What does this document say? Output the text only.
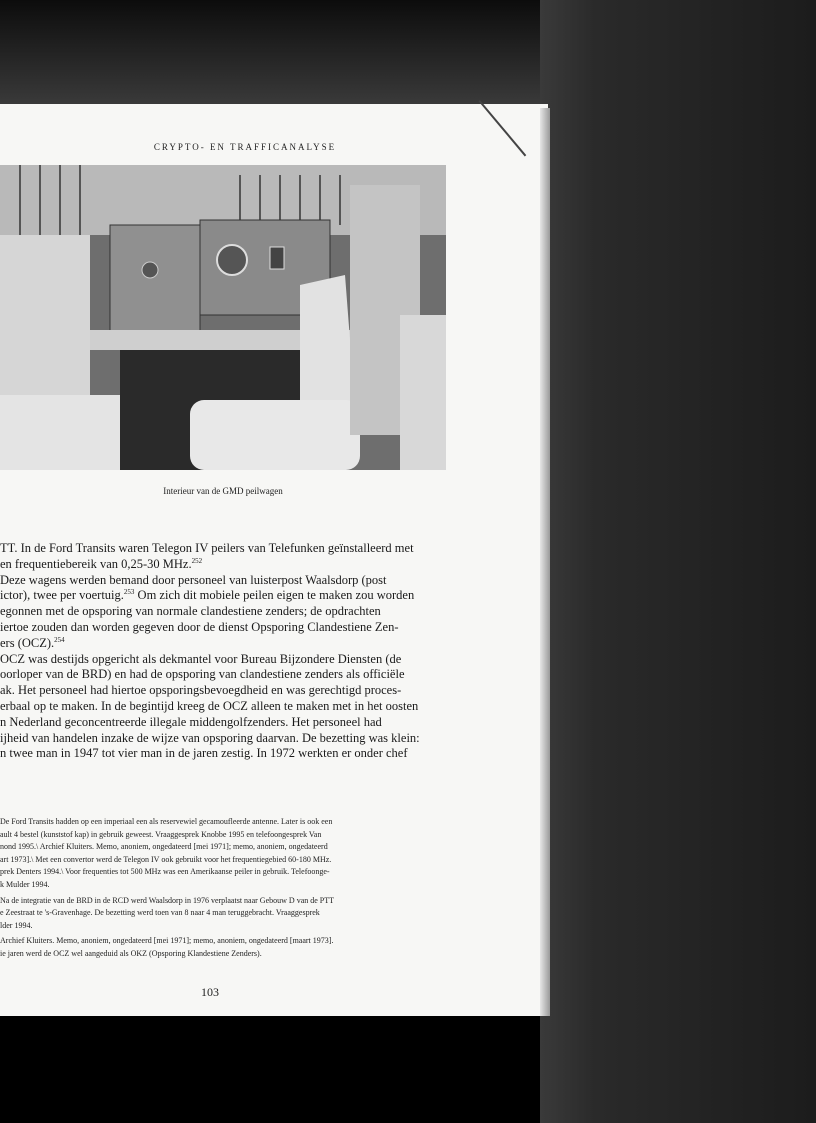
CRYPTO- EN TRAFFICANALYSE
Interieur van de GMD peilwagen

TT. In de Ford Transits waren Telegon IV peilers van Telefunken geïnstalleerd met

en frequentiebereik van 0,25-30 MHz.$^{252}$

Deze wagens werden bemand door personeel van luisterpost Waalsdorp (post

ictor), twee per voertuig.$^{253}$ Om zich dit mobiele peilen eigen te maken zou worden

egonnen met de opsporing van normale clandestiene zenders; de opdrachten

iertoe zouden dan worden gegeven door de dienst Opsporing Clandestiene Zen-

ers (OCZ).$^{254}$

OCZ was destijds opgericht als dekmantel voor Bureau Bijzondere Diensten (de

oorloper van de BRD) en had de opsporing van clandestiene zenders als officiële

ak. Het personeel had hiertoe opsporingsbevoegdheid en was gerechtigd proces-

erbaal op te maken. In de begintijd kreeg de OCZ alleen te maken met in het oosten

n Nederland geconcentreerde illegale middengolfzenders. Het personeel had

ijheid van handelen inzake de wijze van opsporing daarvan. De bezetting was klein:

n twee man in 1947 tot vier man in de jaren zestig. In 1972 werkten er onder chef

De Ford Transits hadden op een imperiaal een als reservewiel gecamoufleerde antenne. Later is ook een

ault 4 bestel (kunststof kap) in gebruik geweest. Vraaggesprek Knobbe 1995 en telefoongesprek Van

nond 1995.\ Archief Kluiters. Memo, anoniem, ongedateerd [mei 1971]; memo, anoniem, ongedateerd

art 1973].\ Met een convertor werd de Telegon IV ook gebruikt voor het frequentiegebied 60-180 MHz.

prek Denters 1994.\ Voor frequenties tot 500 MHz was een Amerikaanse peiler in gebruik. Telefoonge-

k Mulder 1994.

Na de integratie van de BRD in de RCD werd Waalsdorp in 1976 verplaatst naar Gebouw D van de PTT

e Zeestraat te 's-Gravenhage. De bezetting werd toen van 8 naar 4 man teruggebracht. Vraaggesprek

lder 1994.

Archief Kluiters. Memo, anoniem, ongedateerd [mei 1971]; memo, anoniem, ongedateerd [maart 1973].

ie jaren werd de OCZ wel aangeduid als OKZ (Opsporing Klandestiene Zenders).

103
